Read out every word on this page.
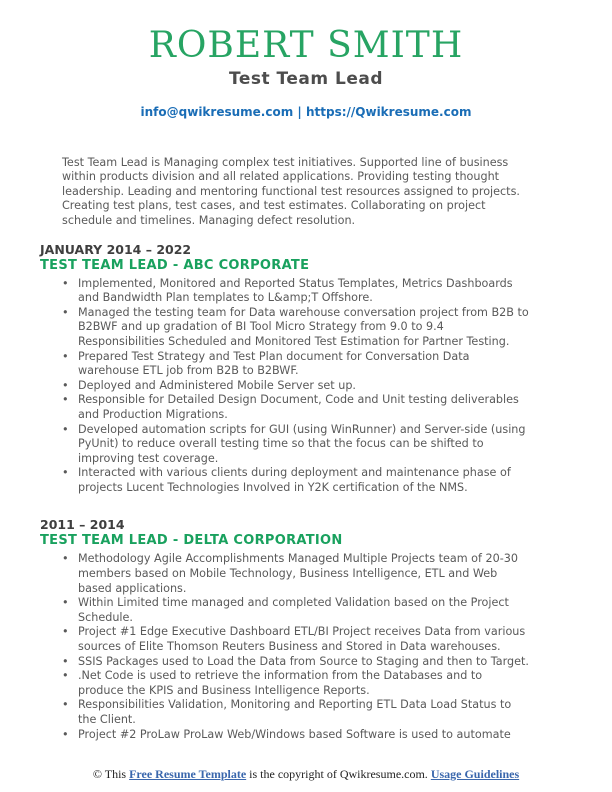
ROBERT SMITH
Test Team Lead
info@qwikresume.com | https://Qwikresume.com

Test Team Lead is Managing complex test initiatives. Supported line of business within products division and all related applications. Providing testing thought leadership. Leading and mentoring functional test resources assigned to projects. Creating test plans, test cases, and test estimates. Collaborating on project schedule and timelines. Managing defect resolution.

JANUARY 2014 – 2022
TEST TEAM LEAD - ABC CORPORATE
•
Implemented, Monitored and Reported Status Templates, Metrics Dashboards and Bandwidth Plan templates to L&amp;T Offshore.
•
Managed the testing team for Data warehouse conversation project from B2B to B2BWF and up gradation of BI Tool Micro Strategy from 9.0 to 9.4 Responsibilities Scheduled and Monitored Test Estimation for Partner Testing.
•
Prepared Test Strategy and Test Plan document for Conversation Data warehouse ETL job from B2B to B2BWF.
•
Deployed and Administered Mobile Server set up.
•
Responsible for Detailed Design Document, Code and Unit testing deliverables and Production Migrations.
•
Developed automation scripts for GUI (using WinRunner) and Server-side (using PyUnit) to reduce overall testing time so that the focus can be shifted to improving test coverage.
•
Interacted with various clients during deployment and maintenance phase of projects Lucent Technologies Involved in Y2K certification of the NMS.
2011 – 2014
TEST TEAM LEAD - DELTA CORPORATION
•
Methodology Agile Accomplishments Managed Multiple Projects team of 20-30 members based on Mobile Technology, Business Intelligence, ETL and Web based applications.
•
Within Limited time managed and completed Validation based on the Project Schedule.
•
Project #1 Edge Executive Dashboard ETL/BI Project receives Data from various sources of Elite Thomson Reuters Business and Stored in Data warehouses.
•
SSIS Packages used to Load the Data from Source to Staging and then to Target.
•
.Net Code is used to retrieve the information from the Databases and to produce the KPIS and Business Intelligence Reports.
•
Responsibilities Validation, Monitoring and Reporting ETL Data Load Status to the Client.
•
Project #2 ProLaw ProLaw Web/Windows based Software is used to automate
© This Free Resume Template is the copyright of Qwikresume.com. Usage Guidelines
